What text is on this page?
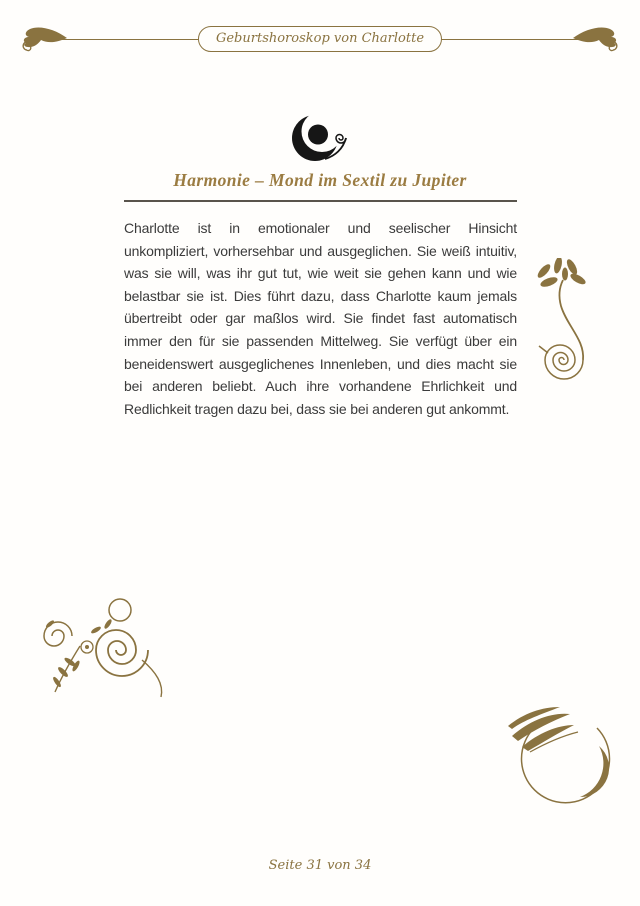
Geburtshoroskop von Charlotte
Harmonie – Mond im Sextil zu Jupiter

Charlotte ist in emotionaler und seelischer Hinsicht unkompliziert, vorhersehbar und ausgeglichen. Sie weiß intuitiv, was sie will, was ihr gut tut, wie weit sie gehen kann und wie belastbar sie ist. Dies führt dazu, dass Charlotte kaum jemals übertreibt oder gar maßlos wird. Sie findet fast automatisch immer den für sie passenden Mittelweg. Sie verfügt über ein beneidenswert ausgeglichenes Innenleben, und dies macht sie bei anderen beliebt. Auch ihre vorhandene Ehrlichkeit und Redlichkeit tragen dazu bei, dass sie bei anderen gut ankommt.

Seite 31 von 34
